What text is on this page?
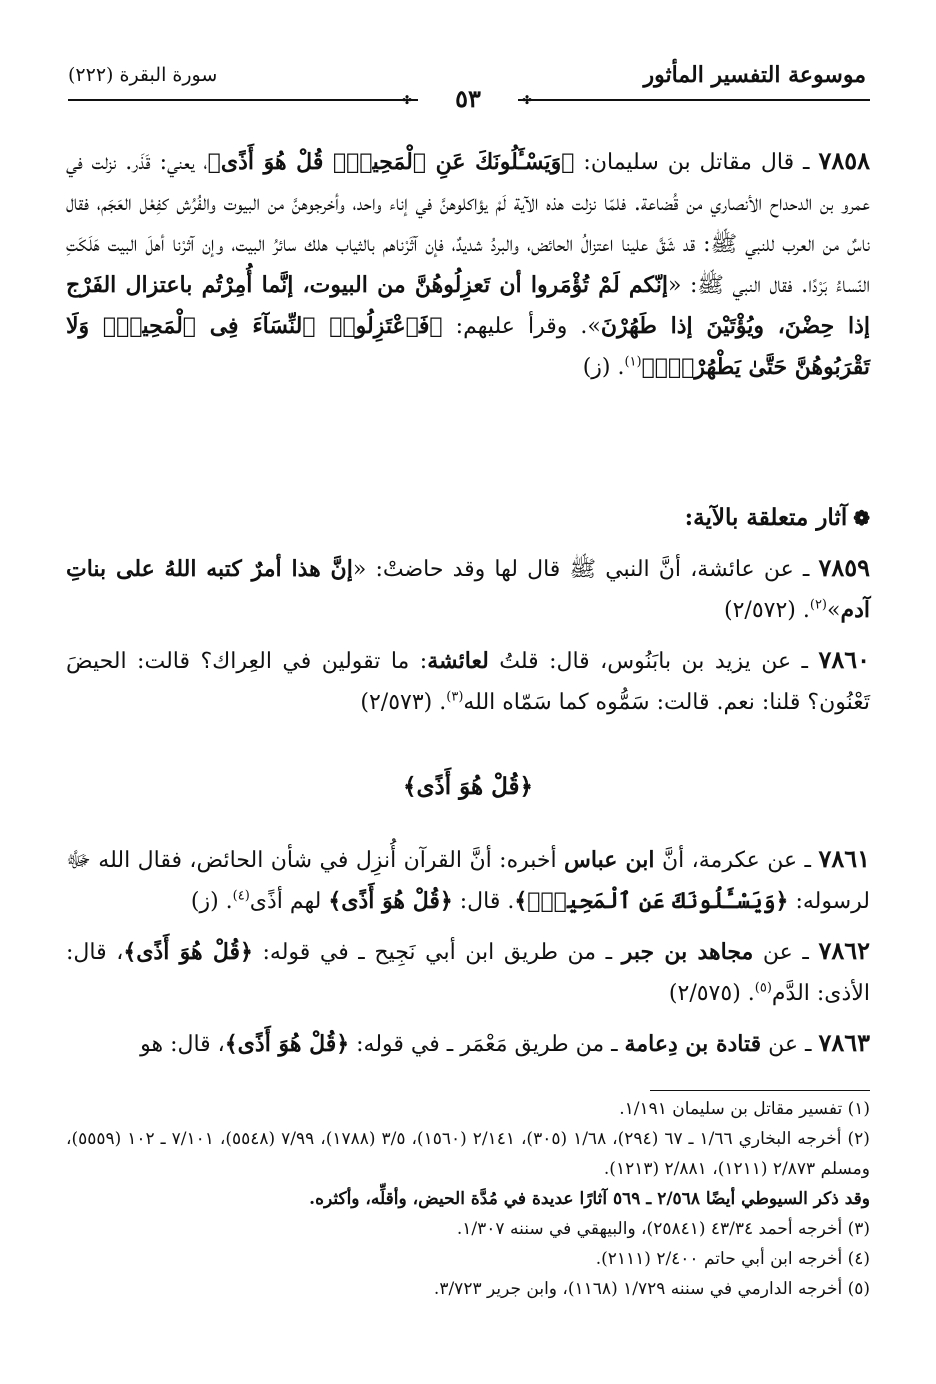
موسوعة التفسير المأثور
سورة البقرة (٢٢٢)
✤	✤
٥٣
٧٨٥٨ ـ قال مقاتل بن سليمان: ﴿وَيَسْـَٔلُونَكَ عَنِ ٱلْمَحِيضِۖ قُلْ هُوَ أَذًى﴾، يعني: قَذَر. نزلت في عمرو بن الدحداح الأنصاري من قُضاعة. فلمّا نزلت هذه الآية لَمْ يؤاكلوهنَّ في إناء واحد، وأخرجوهنَّ من البيوت والفُرُش كفِعْل العَجَم، فقال ناسٌ من العرب للنبي ﷺ: قد شَقَّ علينا اعتزالُ الحائض، والبردُ شديدٌ، فإن آثَرْناهم بالثياب هلك سائرُ البيت، وإن آثرْنا أهلَ البيت هَلَكَتِ النّساءُ بَرْدًا. فقال النبي ﷺ: «إنّكم لَمْ تُؤْمَروا أن تَعزِلُوهُنَّ من البيوت، إنَّما أُمِرْتُم باعتزال الفَرْج إذا حِضْنَ، ويُؤْتَيْنَ إذا طَهُرْنَ». وقرأ عليهم: ﴿فَٱعْتَزِلُوا۟ ٱلنِّسَآءَ فِى ٱلْمَحِيضِۖ وَلَا تَقْرَبُوهُنَّ حَتَّىٰ يَطْهُرْنَۖ﴾$^{(١)}$. (ز)
❁آثار متعلقة بالآية:
٧٨٥٩ ـ عن عائشة، أنَّ النبي ﷺ قال لها وقد حاضتْ: «إنَّ هذا أمرٌ كتبه اللهُ على بناتِ آدم»$^{(٢)}$. (٢/٥٧٢)
٧٨٦٠ ـ عن يزيد بن بابَنُوس، قال: قلتُ لعائشة: ما تقولين في العِراك؟ قالت: الحيضَ تَعْنُون؟ قلنا: نعم. قالت: سَمُّوه كما سَمّاه الله$^{(٣)}$. (٢/٥٧٣)
﴿قُلْ هُوَ أَذًى﴾
٧٨٦١ ـ عن عكرمة، أنَّ ابن عباس أخبره: أنَّ القرآن أُنزِل في شأن الحائض، فقال الله ﷻ لرسوله: ﴿وَيَسْـَٔلُونَكَ عَنِ ٱلْمَحِيضِۖ﴾. قال: ﴿قُلْ هُوَ أَذًى﴾ لهم أذًى$^{(٤)}$. (ز)
٧٨٦٢ ـ عن مجاهد بن جبر ـ من طريق ابن أبي نَجِيح ـ في قوله: ﴿قُلْ هُوَ أَذًى﴾، قال: الأذى: الدَّم$^{(٥)}$. (٢/٥٧٥)
٧٨٦٣ ـ عن قتادة بن دِعامة ـ من طريق مَعْمَر ـ في قوله: ﴿قُلْ هُوَ أَذًى﴾، قال: هو
(١) تفسير مقاتل بن سليمان ١/١٩١.
(٢) أخرجه البخاري ١/٦٦ ـ ٦٧ (٢٩٤)، ١/٦٨ (٣٠٥)، ٢/١٤١ (١٥٦٠)، ٣/٥ (١٧٨٨)، ٧/٩٩ (٥٥٤٨)، ٧/١٠١ ـ ١٠٢ (٥٥٥٩)، ومسلم ٢/٨٧٣ (١٢١١)، ٢/٨٨١ (١٢١٣).
وقد ذكر السيوطي أيضًا ٢/٥٦٨ ـ ٥٦٩ آثارًا عديدة في مُدَّة الحيض، وأقلِّه، وأكثره.
(٣) أخرجه أحمد ٤٣/٣٤ (٢٥٨٤١)، والبيهقي في سننه ١/٣٠٧.
(٤) أخرجه ابن أبي حاتم ٢/٤٠٠ (٢١١١).
(٥) أخرجه الدارمي في سننه ١/٧٢٩ (١١٦٨)، وابن جرير ٣/٧٢٣.
